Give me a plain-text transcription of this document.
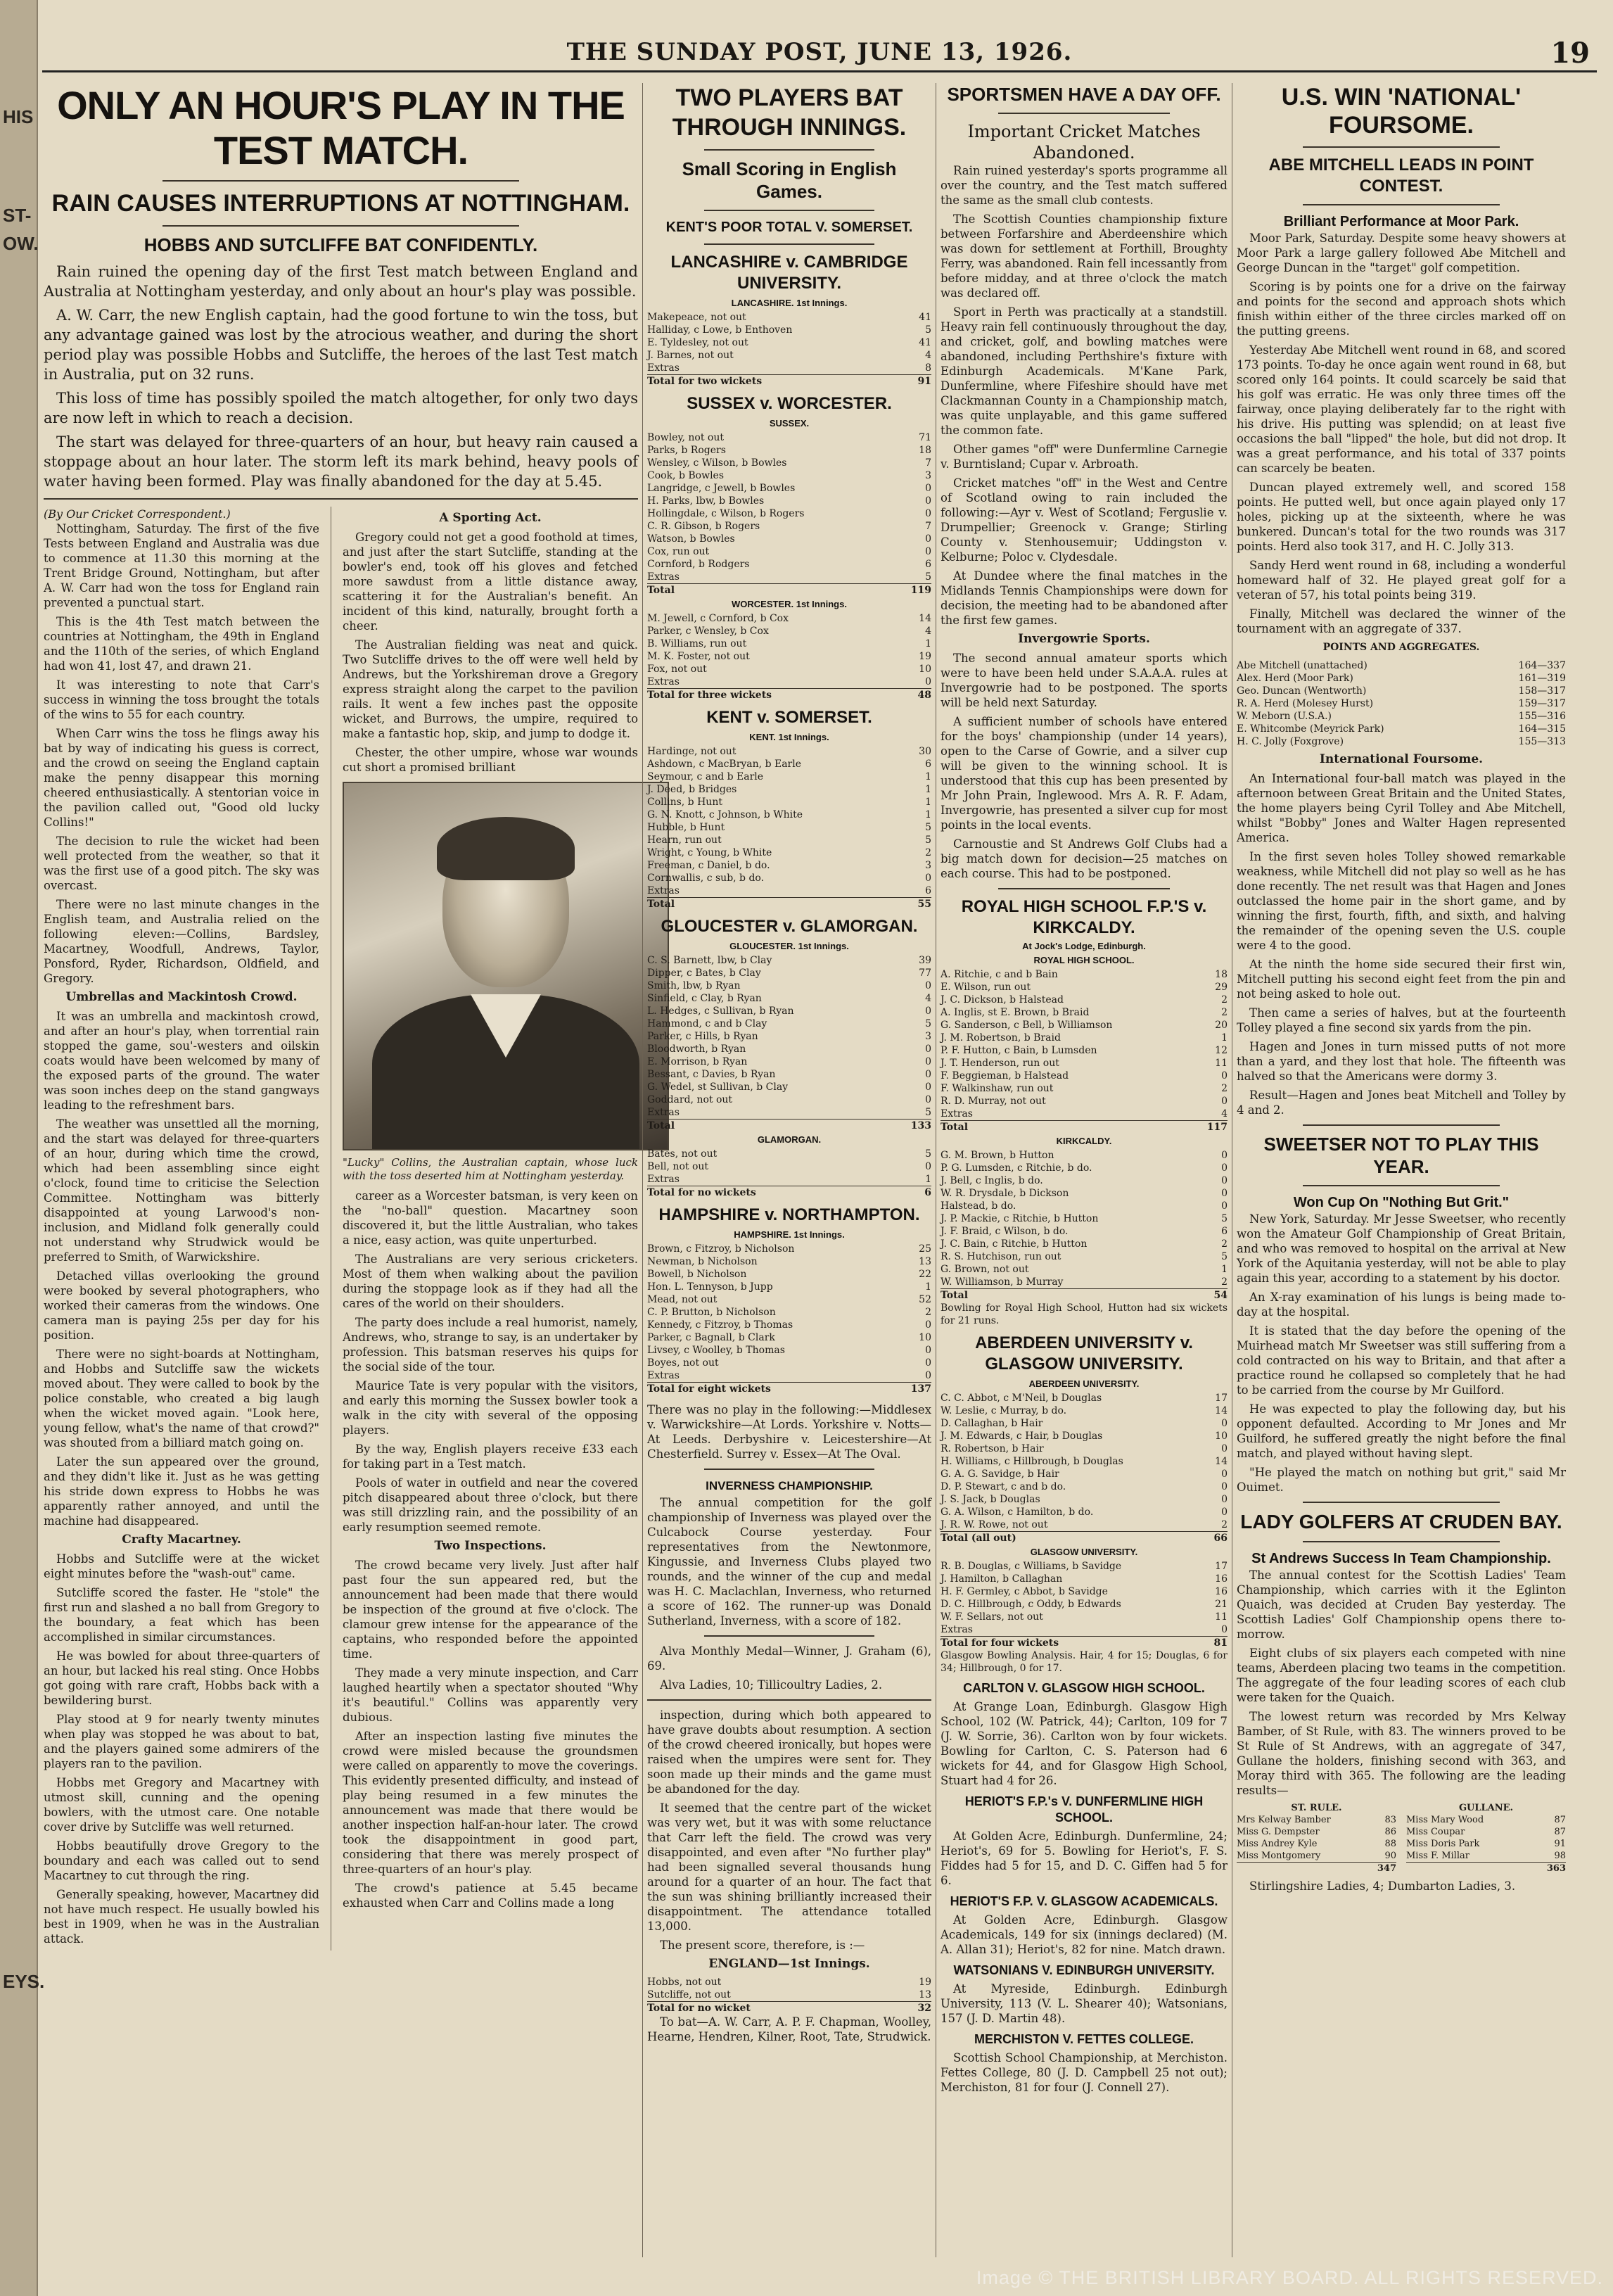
HIS
ST-
OW.
EYS.
THE SUNDAY POST, JUNE 13, 1926.	19
ONLY AN HOUR'S PLAY IN THE TEST MATCH.
RAIN CAUSES INTERRUPTIONS AT NOTTINGHAM.
HOBBS AND SUTCLIFFE BAT CONFIDENTLY.

Rain ruined the opening day of the first Test match between England and Australia at Nottingham yesterday, and only about an hour's play was possible.

A. W. Carr, the new English captain, had the good fortune to win the toss, but any advantage gained was lost by the atrocious weather, and during the short period play was possible Hobbs and Sutcliffe, the heroes of the last Test match in Australia, put on 32 runs.

This loss of time has possibly spoiled the match altogether, for only two days are now left in which to reach a decision.

The start was delayed for three-quarters of an hour, but heavy rain caused a stoppage about an hour later. The storm left its mark behind, heavy pools of water having been formed. Play was finally abandoned for the day at 5.45.

(By Our Cricket Correspondent.)

Nottingham, Saturday. The first of the five Tests between England and Australia was due to commence at 11.30 this morning at the Trent Bridge Ground, Nottingham, but after A. W. Carr had won the toss for England rain prevented a punctual start.

This is the 4th Test match between the countries at Nottingham, the 49th in England and the 110th of the series, of which England had won 41, lost 47, and drawn 21.

It was interesting to note that Carr's success in winning the toss brought the totals of the wins to 55 for each country.

When Carr wins the toss he flings away his bat by way of indicating his guess is correct, and the crowd on seeing the England captain make the penny disappear this morning cheered enthusiastically. A stentorian voice in the pavilion called out, "Good old lucky Collins!"

The decision to rule the wicket had been well protected from the weather, so that it was the first use of a good pitch. The sky was overcast.

There were no last minute changes in the English team, and Australia relied on the following eleven:—Collins, Bardsley, Macartney, Woodfull, Andrews, Taylor, Ponsford, Ryder, Richardson, Oldfield, and Gregory.

Umbrellas and Mackintosh Crowd.

It was an umbrella and mackintosh crowd, and after an hour's play, when torrential rain stopped the game, sou'-westers and oilskin coats would have been welcomed by many of the exposed parts of the ground. The water was soon inches deep on the stand gangways leading to the refreshment bars.

The weather was unsettled all the morning, and the start was delayed for three-quarters of an hour, during which time the crowd, which had been assembling since eight o'clock, found time to criticise the Selection Committee. Nottingham was bitterly disappointed at young Larwood's non-inclusion, and Midland folk generally could not understand why Strudwick would be preferred to Smith, of Warwickshire.

Detached villas overlooking the ground were booked by several photographers, who worked their cameras from the windows. One camera man is paying 25s per day for his position.

There were no sight-boards at Nottingham, and Hobbs and Sutcliffe saw the wickets moved about. They were called to book by the police constable, who created a big laugh when the wicket moved again. "Look here, young fellow, what's the name of that crowd?" was shouted from a billiard match going on.

Later the sun appeared over the ground, and they didn't like it. Just as he was getting his stride down express to Hobbs he was apparently rather annoyed, and until the machine had disappeared.

Crafty Macartney.

Hobbs and Sutcliffe were at the wicket eight minutes before the "wash-out" came.

Sutcliffe scored the faster. He "stole" the first run and slashed a no ball from Gregory to the boundary, a feat which has been accomplished in similar circumstances.

He was bowled for about three-quarters of an hour, but lacked his real sting. Once Hobbs got going with rare craft, Hobbs back with a bewildering burst.

Play stood at 9 for nearly twenty minutes when play was stopped he was about to bat, and the players gained some admirers of the players ran to the pavilion.

Hobbs met Gregory and Macartney with utmost skill, cunning and the opening bowlers, with the utmost care. One notable cover drive by Sutcliffe was well returned.

Hobbs beautifully drove Gregory to the boundary and each was called out to send Macartney to cut through the ring.

Generally speaking, however, Macartney did not have much respect. He usually bowled his best in 1909, when he was in the Australian attack.

A Sporting Act.

Gregory could not get a good foothold at times, and just after the start Sutcliffe, standing at the bowler's end, took off his gloves and fetched more sawdust from a little distance away, scattering it for the Australian's benefit. An incident of this kind, naturally, brought forth a cheer.

The Australian fielding was neat and quick. Two Sutcliffe drives to the off were well held by Andrews, but the Yorkshireman drove a Gregory express straight along the carpet to the pavilion rails. It went a few inches past the opposite wicket, and Burrows, the umpire, required to make a fantastic hop, skip, and jump to dodge it.

Chester, the other umpire, whose war wounds cut short a promised brilliant

"Lucky" Collins, the Australian captain, whose luck with the toss deserted him at Nottingham yesterday.

career as a Worcester batsman, is very keen on the "no-ball" question. Macartney soon discovered it, but the little Australian, who takes a nice, easy action, was quite unperturbed.

The Australians are very serious cricketers. Most of them when walking about the pavilion during the stoppage look as if they had all the cares of the world on their shoulders.

The party does include a real humorist, namely, Andrews, who, strange to say, is an undertaker by profession. This batsman reserves his quips for the social side of the tour.

Maurice Tate is very popular with the visitors, and early this morning the Sussex bowler took a walk in the city with several of the opposing players.

By the way, English players receive £33 each for taking part in a Test match.

Pools of water in outfield and near the covered pitch disappeared about three o'clock, but there was still drizzling rain, and the possibility of an early resumption seemed remote.

Two Inspections.

The crowd became very lively. Just after half past four the sun appeared red, but the announcement had been made that there would be inspection of the ground at five o'clock. The clamour grew intense for the appearance of the captains, who responded before the appointed time.

They made a very minute inspection, and Carr laughed heartily when a spectator shouted "Why it's beautiful." Collins was apparently very dubious.

After an inspection lasting five minutes the crowd were misled because the groundsmen were called on apparently to move the coverings. This evidently presented difficulty, and instead of play being resumed in a few minutes the announcement was made that there would be another inspection half-an-hour later. The crowd took the disappointment in good part, considering that there was merely prospect of three-quarters of an hour's play.

The crowd's patience at 5.45 became exhausted when Carr and Collins made a long

TWO PLAYERS BAT THROUGH INNINGS.
Small Scoring in English Games.
KENT'S POOR TOTAL V. SOMERSET.
LANCASHIRE v. CAMBRIDGE UNIVERSITY.
LANCASHIRE. 1st Innings.
Makepeace, not out	41
Halliday, c Lowe, b Enthoven	5
E. Tyldesley, not out	41
J. Barnes, not out	4
Extras	8
Total for two wickets	91
SUSSEX v. WORCESTER.
SUSSEX.
Bowley, not out	71
Parks, b Rogers	18
Wensley, c Wilson, b Bowles	7
Cook, b Bowles	3
Langridge, c Jewell, b Bowles	0
H. Parks, lbw, b Bowles	0
Hollingdale, c Wilson, b Rogers	0
C. R. Gibson, b Rogers	7
Watson, b Bowles	0
Cox, run out	0
Cornford, b Rodgers	6
Extras	5
Total	119
WORCESTER. 1st Innings.
M. Jewell, c Cornford, b Cox	14
Parker, c Wensley, b Cox	4
B. Williams, run out	1
M. K. Foster, not out	19
Fox, not out	10
Extras	0
Total for three wickets	48
KENT v. SOMERSET.
KENT. 1st Innings.
Hardinge, not out	30
Ashdown, c MacBryan, b Earle	6
Seymour, c and b Earle	1
J. Deed, b Bridges	1
Collins, b Hunt	1
G. N. Knott, c Johnson, b White	1
Hubble, b Hunt	5
Hearn, run out	5
Wright, c Young, b White	2
Freeman, c Daniel, b do.	3
Cornwallis, c sub, b do.	0
Extras	6
Total	55
GLOUCESTER v. GLAMORGAN.
GLOUCESTER. 1st Innings.
C. S. Barnett, lbw, b Clay	39
Dipper, c Bates, b Clay	77
Smith, lbw, b Ryan	0
Sinfield, c Clay, b Ryan	4
L. Hedges, c Sullivan, b Ryan	0
Hammond, c and b Clay	5
Parker, c Hills, b Ryan	3
Bloodworth, b Ryan	0
E. Morrison, b Ryan	0
Bessant, c Davies, b Ryan	0
G. Wedel, st Sullivan, b Clay	0
Goddard, not out	0
Extras	5
Total	133
GLAMORGAN.
Bates, not out	5
Bell, not out	0
Extras	1
Total for no wickets	6
HAMPSHIRE v. NORTHAMPTON.
HAMPSHIRE. 1st Innings.
Brown, c Fitzroy, b Nicholson	25
Newman, b Nicholson	13
Bowell, b Nicholson	22
Hon. L. Tennyson, b Jupp	1
Mead, not out	52
C. P. Brutton, b Nicholson	2
Kennedy, c Fitzroy, b Thomas	0
Parker, c Bagnall, b Clark	10
Livsey, c Woolley, b Thomas	0
Boyes, not out	0
Extras	0
Total for eight wickets	137
There was no play in the following:—Middlesex v. Warwickshire—At Lords. Yorkshire v. Notts—At Leeds. Derbyshire v. Leicestershire—At Chesterfield. Surrey v. Essex—At The Oval.
INVERNESS CHAMPIONSHIP.

The annual competition for the golf championship of Inverness was played over the Culcabock Course yesterday. Four representatives from the Newtonmore, Kingussie, and Inverness Clubs played two rounds, and the winner of the cup and medal was H. C. Maclachlan, Inverness, who returned a score of 162. The runner-up was Donald Sutherland, Inverness, with a score of 182.

Alva Monthly Medal—Winner, J. Graham (6), 69.

Alva Ladies, 10; Tillicoultry Ladies, 2.

inspection, during which both appeared to have grave doubts about resumption. A section of the crowd cheered ironically, but hopes were raised when the umpires were sent for. They soon made up their minds and the game must be abandoned for the day.

It seemed that the centre part of the wicket was very wet, but it was with some reluctance that Carr left the field. The crowd was very disappointed, and even after "No further play" had been signalled several thousands hung around for a quarter of an hour. The fact that the sun was shining brilliantly increased their disappointment. The attendance totalled 13,000.

The present score, therefore, is :—

ENGLAND—1st Innings.
Hobbs, not out	19
Sutcliffe, not out	13
Total for no wicket	32

To bat—A. W. Carr, A. P. F. Chapman, Woolley, Hearne, Hendren, Kilner, Root, Tate, Strudwick.

SPORTSMEN HAVE A DAY OFF.
Important Cricket Matches Abandoned.

Rain ruined yesterday's sports programme all over the country, and the Test match suffered the same as the small club contests.

The Scottish Counties championship fixture between Forfarshire and Aberdeenshire which was down for settlement at Forthill, Broughty Ferry, was abandoned. Rain fell incessantly from before midday, and at three o'clock the match was declared off.

Sport in Perth was practically at a standstill. Heavy rain fell continuously throughout the day, and cricket, golf, and bowling matches were abandoned, including Perthshire's fixture with Edinburgh Academicals. M'Kane Park, Dunfermline, where Fifeshire should have met Clackmannan County in a Championship match, was quite unplayable, and this game suffered the common fate.

Other games "off" were Dunfermline Carnegie v. Burntisland; Cupar v. Arbroath.

Cricket matches "off" in the West and Centre of Scotland owing to rain included the following:—Ayr v. West of Scotland; Ferguslie v. Drumpellier; Greenock v. Grange; Stirling County v. Stenhousemuir; Uddingston v. Kelburne; Poloc v. Clydesdale.

At Dundee where the final matches in the Midlands Tennis Championships were down for decision, the meeting had to be abandoned after the first few games.

Invergowrie Sports.

The second annual amateur sports which were to have been held under S.A.A.A. rules at Invergowrie had to be postponed. The sports will be held next Saturday.

A sufficient number of schools have entered for the boys' championship (under 14 years), open to the Carse of Gowrie, and a silver cup will be given to the winning school. It is understood that this cup has been presented by Mr John Prain, Inglewood. Mrs A. R. F. Adam, Invergowrie, has presented a silver cup for most points in the local events.

Carnoustie and St Andrews Golf Clubs had a big match down for decision—25 matches on each course. This had to be postponed.

ROYAL HIGH SCHOOL F.P.'S v. KIRKCALDY.
At Jock's Lodge, Edinburgh.
ROYAL HIGH SCHOOL.
A. Ritchie, c and b Bain	18
E. Wilson, run out	29
J. C. Dickson, b Halstead	2
A. Inglis, st E. Brown, b Braid	2
G. Sanderson, c Bell, b Williamson	20
J. M. Robertson, b Braid	1
P. F. Hutton, c Bain, b Lumsden	12
J. T. Henderson, run out	11
F. Beggieman, b Halstead	0
F. Walkinshaw, run out	2
R. D. Murray, not out	0
Extras	4
Total	117
KIRKCALDY.
G. M. Brown, b Hutton	0
P. G. Lumsden, c Ritchie, b do.	0
J. Bell, c Inglis, b do.	0
W. R. Drysdale, b Dickson	0
Halstead, b do.	0
J. P. Mackie, c Ritchie, b Hutton	5
J. F. Braid, c Wilson, b do.	6
J. C. Bain, c Ritchie, b Hutton	2
R. S. Hutchison, run out	5
G. Brown, not out	1
W. Williamson, b Murray	2
Total	54
Bowling for Royal High School, Hutton had six wickets for 21 runs.
ABERDEEN UNIVERSITY v. GLASGOW UNIVERSITY.
ABERDEEN UNIVERSITY.
C. C. Abbot, c M'Neil, b Douglas	17
W. Leslie, c Murray, b do.	14
D. Callaghan, b Hair	0
J. M. Edwards, c Hair, b Douglas	10
R. Robertson, b Hair	0
H. Williams, c Hillbrough, b Douglas	14
G. A. G. Savidge, b Hair	0
D. P. Stewart, c and b do.	0
J. S. Jack, b Douglas	0
G. A. Wilson, c Hamilton, b do.	0
J. R. W. Rowe, not out	2
Total (all out)	66
GLASGOW UNIVERSITY.
R. B. Douglas, c Williams, b Savidge	17
J. Hamilton, b Callaghan	16
H. F. Germley, c Abbot, b Savidge	16
D. C. Hillbrough, c Oddy, b Edwards	21
W. F. Sellars, not out	11
Extras	0
Total for four wickets	81
Glasgow Bowling Analysis. Hair, 4 for 15; Douglas, 6 for 34; Hillbrough, 0 for 17.
CARLTON V. GLASGOW HIGH SCHOOL.

At Grange Loan, Edinburgh. Glasgow High School, 102 (W. Patrick, 44); Carlton, 109 for 7 (J. W. Sorrie, 36). Carlton won by four wickets. Bowling for Carlton, C. S. Paterson had 6 wickets for 44, and for Glasgow High School, Stuart had 4 for 26.

HERIOT'S F.P.'s V. DUNFERMLINE HIGH SCHOOL.

At Golden Acre, Edinburgh. Dunfermline, 24; Heriot's, 69 for 5. Bowling for Heriot's, F. S. Fiddes had 5 for 15, and D. C. Giffen had 5 for 6.

HERIOT'S F.P. V. GLASGOW ACADEMICALS.

At Golden Acre, Edinburgh. Glasgow Academicals, 149 for six (innings declared) (M. A. Allan 31); Heriot's, 82 for nine. Match drawn.

WATSONIANS V. EDINBURGH UNIVERSITY.

At Myreside, Edinburgh. Edinburgh University, 113 (V. L. Shearer 40); Watsonians, 157 (J. D. Martin 48).

MERCHISTON V. FETTES COLLEGE.

Scottish School Championship, at Merchiston. Fettes College, 80 (J. D. Campbell 25 not out); Merchiston, 81 for four (J. Connell 27).

U.S. WIN 'NATIONAL' FOURSOME.
ABE MITCHELL LEADS IN POINT CONTEST.
Brilliant Performance at Moor Park.

Moor Park, Saturday. Despite some heavy showers at Moor Park a large gallery followed Abe Mitchell and George Duncan in the "target" golf competition.

Scoring is by points one for a drive on the fairway and points for the second and approach shots which finish within either of the three circles marked off on the putting greens.

Yesterday Abe Mitchell went round in 68, and scored 173 points. To-day he once again went round in 68, but scored only 164 points. It could scarcely be said that his golf was erratic. He was only three times off the fairway, once playing deliberately far to the right with his drive. His putting was splendid; on at least five occasions the ball "lipped" the hole, but did not drop. It was a great performance, and his total of 337 points can scarcely be beaten.

Duncan played extremely well, and scored 158 points. He putted well, but once again played only 17 holes, picking up at the sixteenth, where he was bunkered. Duncan's total for the two rounds was 317 points. Herd also took 317, and H. C. Jolly 313.

Sandy Herd went round in 68, including a wonderful homeward half of 32. He played great golf for a veteran of 57, his total points being 319.

Finally, Mitchell was declared the winner of the tournament with an aggregate of 337.

POINTS AND AGGREGATES.
Abe Mitchell (unattached)	164—337
Alex. Herd (Moor Park)	161—319
Geo. Duncan (Wentworth)	158—317
R. A. Herd (Molesey Hurst)	159—317
W. Meborn (U.S.A.)	155—316
E. Whitcombe (Meyrick Park)	164—315
H. C. Jolly (Foxgrove)	155—313
International Foursome.

An International four-ball match was played in the afternoon between Great Britain and the United States, the home players being Cyril Tolley and Abe Mitchell, whilst "Bobby" Jones and Walter Hagen represented America.

In the first seven holes Tolley showed remarkable weakness, while Mitchell did not play so well as he has done recently. The net result was that Hagen and Jones outclassed the home pair in the short game, and by winning the first, fourth, fifth, and sixth, and halving the remainder of the opening seven the U.S. couple were 4 to the good.

At the ninth the home side secured their first win, Mitchell putting his second eight feet from the pin and not being asked to hole out.

Then came a series of halves, but at the fourteenth Tolley played a fine second six yards from the pin.

Hagen and Jones in turn missed putts of not more than a yard, and they lost that hole. The fifteenth was halved so that the Americans were dormy 3.

Result—Hagen and Jones beat Mitchell and Tolley by 4 and 2.

SWEETSER NOT TO PLAY THIS YEAR.
Won Cup On "Nothing But Grit."

New York, Saturday. Mr Jesse Sweetser, who recently won the Amateur Golf Championship of Great Britain, and who was removed to hospital on the arrival at New York of the Aquitania yesterday, will not be able to play again this year, according to a statement by his doctor.

An X-ray examination of his lungs is being made to-day at the hospital.

It is stated that the day before the opening of the Muirhead match Mr Sweetser was still suffering from a cold contracted on his way to Britain, and that after a practice round he collapsed so completely that he had to be carried from the course by Mr Guilford.

He was expected to play the following day, but his opponent defaulted. According to Mr Jones and Mr Guilford, he suffered greatly the night before the final match, and played without having slept.

"He played the match on nothing but grit," said Mr Ouimet.

LADY GOLFERS AT CRUDEN BAY.
St Andrews Success In Team Championship.

The annual contest for the Scottish Ladies' Team Championship, which carries with it the Eglinton Quaich, was decided at Cruden Bay yesterday. The Scottish Ladies' Golf Championship opens there to-morrow.

Eight clubs of six players each competed with nine teams, Aberdeen placing two teams in the competition. The aggregate of the four leading scores of each club were taken for the Quaich.

The lowest return was recorded by Mrs Kelway Bamber, of St Rule, with 83. The winners proved to be St Rule of St Andrews, with an aggregate of 347, Gullane the holders, finishing second with 363, and Moray third with 365. The following are the leading results—

ST. RULE.
Mrs Kelway Bamber	83
Miss G. Dempster	86
Miss Andrey Kyle	88
Miss Montgomery	90
347
GULLANE.
Miss Mary Wood	87
Miss Coupar	87
Miss Doris Park	91
Miss F. Millar	98
363

Stirlingshire Ladies, 4; Dumbarton Ladies, 3.

Image © THE BRITISH LIBRARY BOARD. ALL RIGHTS RESERVED.
